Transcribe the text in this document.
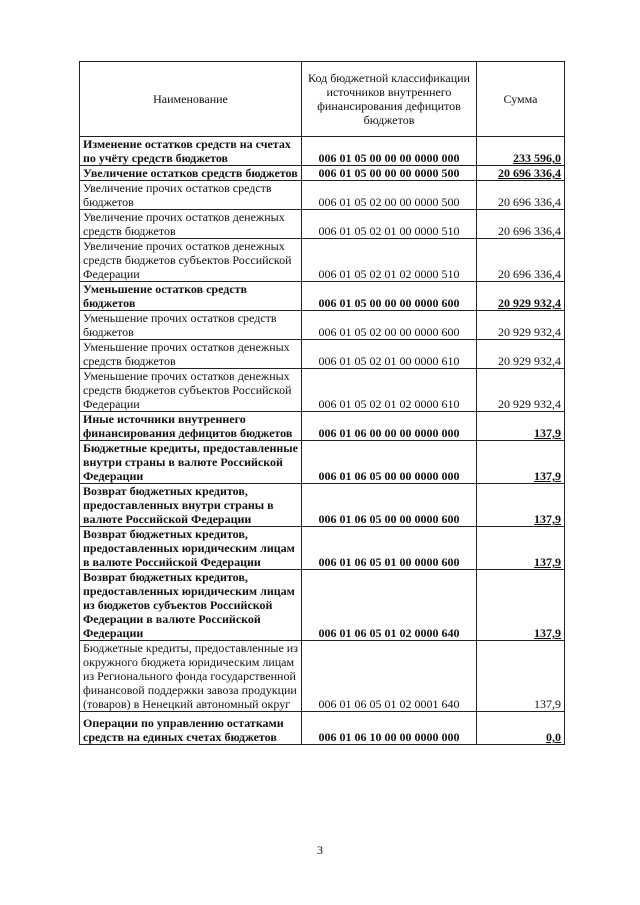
Наименование	Код бюджетной классификации источников внутреннего финансирования дефицитов бюджетов	Сумма
Изменение остатков средств на счетах по учёту средств бюджетов	006 01 05 00 00 00 0000 000	233 596,0
Увеличение остатков средств бюджетов	006 01 05 00 00 00 0000 500	20 696 336,4
Увеличение прочих остатков средств бюджетов	006 01 05 02 00 00 0000 500	20 696 336,4
Увеличение прочих остатков денежных средств бюджетов	006 01 05 02 01 00 0000 510	20 696 336,4
Увеличение прочих остатков денежных средств бюджетов субъектов Российской Федерации	006 01 05 02 01 02 0000 510	20 696 336,4
Уменьшение остатков средств бюджетов	006 01 05 00 00 00 0000 600	20 929 932,4
Уменьшение прочих остатков средств бюджетов	006 01 05 02 00 00 0000 600	20 929 932,4
Уменьшение прочих остатков денежных средств бюджетов	006 01 05 02 01 00 0000 610	20 929 932,4
Уменьшение прочих остатков денежных средств бюджетов субъектов Российской Федерации	006 01 05 02 01 02 0000 610	20 929 932,4
Иные источники внутреннего финансирования дефицитов бюджетов	006 01 06 00 00 00 0000 000	137,9
Бюджетные кредиты, предоставленные внутри страны в валюте Российской Федерации	006 01 06 05 00 00 0000 000	137,9
Возврат бюджетных кредитов, предоставленных внутри страны в валюте Российской Федерации	006 01 06 05 00 00 0000 600	137,9
Возврат бюджетных кредитов, предоставленных юридическим лицам в валюте Российской Федерации	006 01 06 05 01 00 0000 600	137,9
Возврат бюджетных кредитов, предоставленных юридическим лицам из бюджетов субъектов Российской Федерации в валюте Российской Федерации	006 01 06 05 01 02 0000 640	137,9
Бюджетные кредиты, предоставленные из окружного бюджета юридическим лицам из Регионального фонда государственной финансовой поддержки завоза продукции (товаров) в Ненецкий автономный округ	006 01 06 05 01 02 0001 640	137,9
Операции по управлению остатками средств на единых счетах бюджетов	006 01 06 10 00 00 0000 000	0,0
3
